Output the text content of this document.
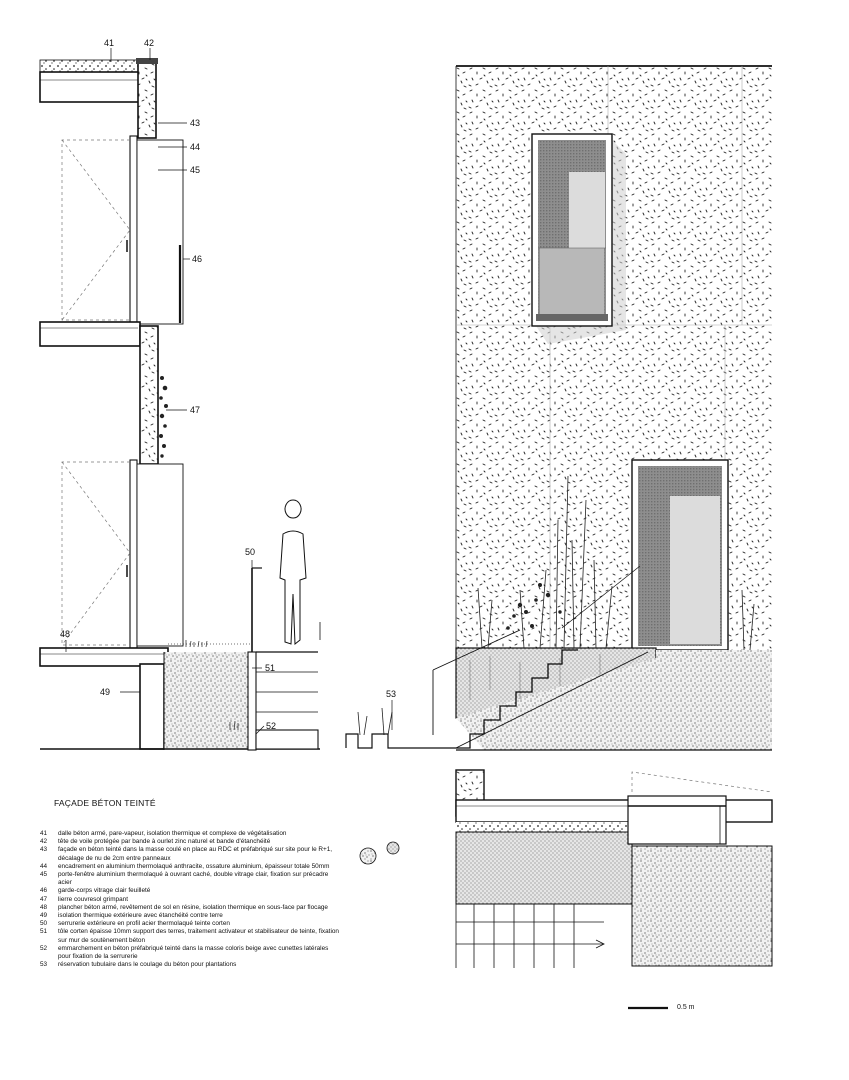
41	42
43
44
45
46
47
48
49
50
51
52
53
FAÇADE BÉTON TEINTÉ
41	dalle béton armé, pare-vapeur, isolation thermique et complexe de végétalisation
42	tête de voile protégée par bande à ourlet zinc naturel et bande d'étanchéité
43	façade en béton teinté dans la masse coulé en place au RDC et préfabriqué sur site pour le R+1, décalage de nu de 2cm entre panneaux
44	encadrement en aluminium thermolaqué anthracite, ossature aluminium, épaisseur totale 50mm
45	porte-fenêtre aluminium thermolaqué à ouvrant caché, double vitrage clair, fixation sur précadre acier
46	garde-corps vitrage clair feuilleté
47	lierre couvresol grimpant
48	plancher béton armé, revêtement de sol en résine, isolation thermique en sous-face par flocage
49	isolation thermique extérieure avec étanchéité contre terre
50	serrurerie extérieure en profil acier thermolaqué teinte corten
51	tôle corten épaisse 10mm support des terres, traitement activateur et stabilisateur de teinte, fixation sur mur de soutènement béton
52	emmarchement en béton préfabriqué teinté dans la masse coloris beige avec cunettes latérales pour fixation de la serrurerie
53	réservation tubulaire dans le coulage du béton pour plantations
0.5 m
